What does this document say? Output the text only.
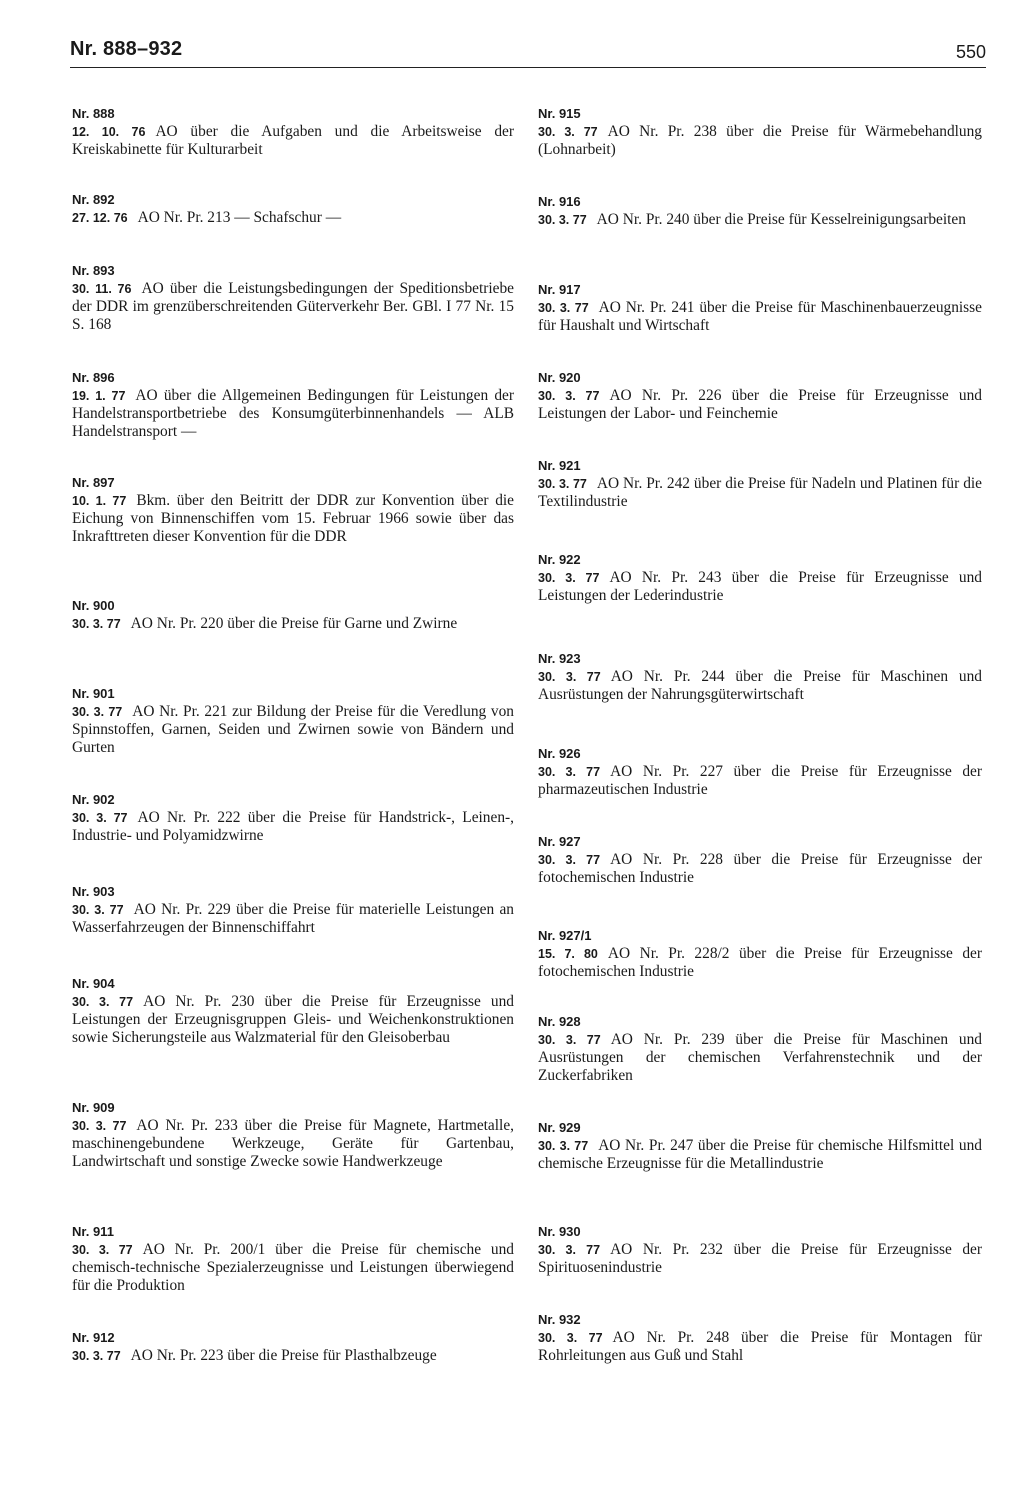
Nr. 888–932	550
Nr. 888
12. 10. 76 AO über die Aufgaben und die Arbeitsweise der Kreiskabinette für Kulturarbeit
Nr. 892
27. 12. 76 AO Nr. Pr. 213 — Schafschur —
Nr. 893
30. 11. 76 AO über die Leistungsbedingungen der Speditionsbetriebe der DDR im grenzüberschreitenden Güterverkehr Ber. GBl. I 77 Nr. 15 S. 168
Nr. 896
19. 1. 77 AO über die Allgemeinen Bedingungen für Leistungen der Handelstransportbetriebe des Konsumgüterbinnenhandels — ALB Handelstransport —
Nr. 897
10. 1. 77 Bkm. über den Beitritt der DDR zur Konvention über die Eichung von Binnenschiffen vom 15. Februar 1966 sowie über das Inkrafttreten dieser Konvention für die DDR
Nr. 900
30. 3. 77 AO Nr. Pr. 220 über die Preise für Garne und Zwirne
Nr. 901
30. 3. 77 AO Nr. Pr. 221 zur Bildung der Preise für die Veredlung von Spinnstoffen, Garnen, Seiden und Zwirnen sowie von Bändern und Gurten
Nr. 902
30. 3. 77 AO Nr. Pr. 222 über die Preise für Handstrick-, Leinen-, Industrie- und Polyamidzwirne
Nr. 903
30. 3. 77 AO Nr. Pr. 229 über die Preise für materielle Leistungen an Wasserfahrzeugen der Binnenschiffahrt
Nr. 904
30. 3. 77 AO Nr. Pr. 230 über die Preise für Erzeugnisse und Leistungen der Erzeugnisgruppen Gleis- und Weichenkonstruktionen sowie Sicherungsteile aus Walzmaterial für den Gleisoberbau
Nr. 909
30. 3. 77 AO Nr. Pr. 233 über die Preise für Magnete, Hartmetalle, maschinengebundene Werkzeuge, Geräte für Gartenbau, Landwirtschaft und sonstige Zwecke sowie Handwerkzeuge
Nr. 911
30. 3. 77 AO Nr. Pr. 200/1 über die Preise für chemische und chemisch-technische Spezialerzeugnisse und Leistungen überwiegend für die Produktion
Nr. 912
30. 3. 77 AO Nr. Pr. 223 über die Preise für Plasthalbzeuge
Nr. 915
30. 3. 77 AO Nr. Pr. 238 über die Preise für Wärmebehandlung (Lohnarbeit)
Nr. 916
30. 3. 77 AO Nr. Pr. 240 über die Preise für Kesselreinigungsarbeiten
Nr. 917
30. 3. 77 AO Nr. Pr. 241 über die Preise für Maschinenbauerzeugnisse für Haushalt und Wirtschaft
Nr. 920
30. 3. 77 AO Nr. Pr. 226 über die Preise für Erzeugnisse und Leistungen der Labor- und Feinchemie
Nr. 921
30. 3. 77 AO Nr. Pr. 242 über die Preise für Nadeln und Platinen für die Textilindustrie
Nr. 922
30. 3. 77 AO Nr. Pr. 243 über die Preise für Erzeugnisse und Leistungen der Lederindustrie
Nr. 923
30. 3. 77 AO Nr. Pr. 244 über die Preise für Maschinen und Ausrüstungen der Nahrungsgüterwirtschaft
Nr. 926
30. 3. 77 AO Nr. Pr. 227 über die Preise für Erzeugnisse der pharmazeutischen Industrie
Nr. 927
30. 3. 77 AO Nr. Pr. 228 über die Preise für Erzeugnisse der fotochemischen Industrie
Nr. 927/1
15. 7. 80 AO Nr. Pr. 228/2 über die Preise für Erzeugnisse der fotochemischen Industrie
Nr. 928
30. 3. 77 AO Nr. Pr. 239 über die Preise für Maschinen und Ausrüstungen der chemischen Verfahrenstechnik und der Zuckerfabriken
Nr. 929
30. 3. 77 AO Nr. Pr. 247 über die Preise für chemische Hilfsmittel und chemische Erzeugnisse für die Metallindustrie
Nr. 930
30. 3. 77 AO Nr. Pr. 232 über die Preise für Erzeugnisse der Spirituosenindustrie
Nr. 932
30. 3. 77 AO Nr. Pr. 248 über die Preise für Montagen für Rohrleitungen aus Guß und Stahl
